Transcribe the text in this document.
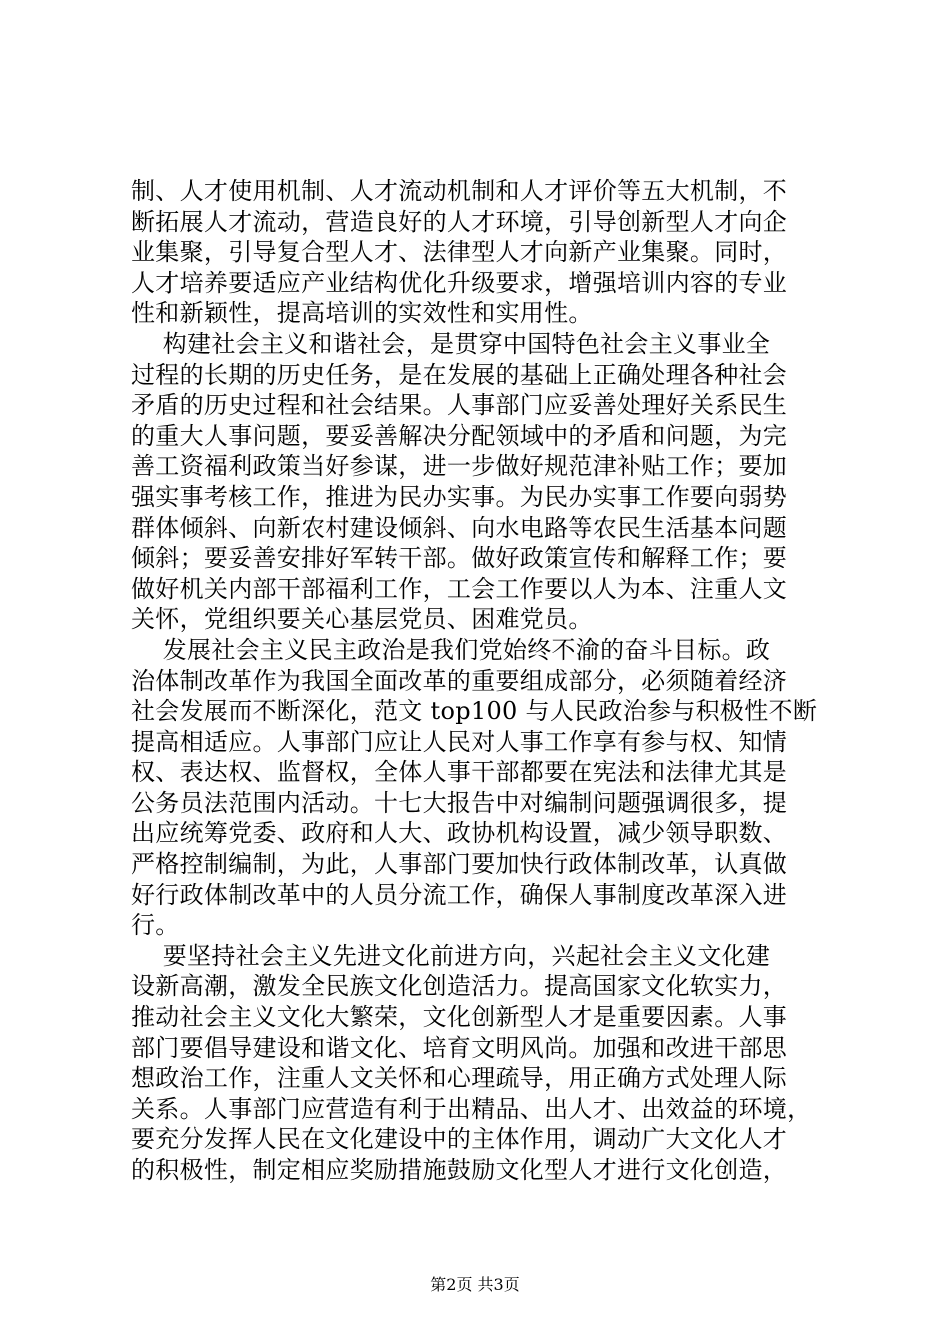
制、人才使用机制、人才流动机制和人才评价等五大机制，不
断拓展人才流动，营造良好的人才环境，引导创新型人才向企
业集聚，引导复合型人才、法律型人才向新产业集聚。同时，
人才培养要适应产业结构优化升级要求，增强培训内容的专业
性和新颖性，提高培训的实效性和实用性。
构建社会主义和谐社会，是贯穿中国特色社会主义事业全
过程的长期的历史任务，是在发展的基础上正确处理各种社会
矛盾的历史过程和社会结果。人事部门应妥善处理好关系民生
的重大人事问题，要妥善解决分配领域中的矛盾和问题，为完
善工资福利政策当好参谋，进一步做好规范津补贴工作；要加
强实事考核工作，推进为民办实事。为民办实事工作要向弱势
群体倾斜、向新农村建设倾斜、向水电路等农民生活基本问题
倾斜；要妥善安排好军转干部。做好政策宣传和解释工作；要
做好机关内部干部福利工作，工会工作要以人为本、注重人文
关怀，党组织要关心基层党员、困难党员。
发展社会主义民主政治是我们党始终不渝的奋斗目标。政
治体制改革作为我国全面改革的重要组成部分，必须随着经济
社会发展而不断深化，范文 top100 与人民政治参与积极性不断
提高相适应。人事部门应让人民对人事工作享有参与权、知情
权、表达权、监督权，全体人事干部都要在宪法和法律尤其是
公务员法范围内活动。十七大报告中对编制问题强调很多，提
出应统筹党委、政府和人大、政协机构设置，减少领导职数、
严格控制编制，为此，人事部门要加快行政体制改革，认真做
好行政体制改革中的人员分流工作，确保人事制度改革深入进
行。
要坚持社会主义先进文化前进方向，兴起社会主义文化建
设新高潮，激发全民族文化创造活力。提高国家文化软实力，
推动社会主义文化大繁荣，文化创新型人才是重要因素。人事
部门要倡导建设和谐文化、培育文明风尚。加强和改进干部思
想政治工作，注重人文关怀和心理疏导，用正确方式处理人际
关系。人事部门应营造有利于出精品、出人才、出效益的环境，
要充分发挥人民在文化建设中的主体作用，调动广大文化人才
的积极性，制定相应奖励措施鼓励文化型人才进行文化创造，
第2页 共3页
